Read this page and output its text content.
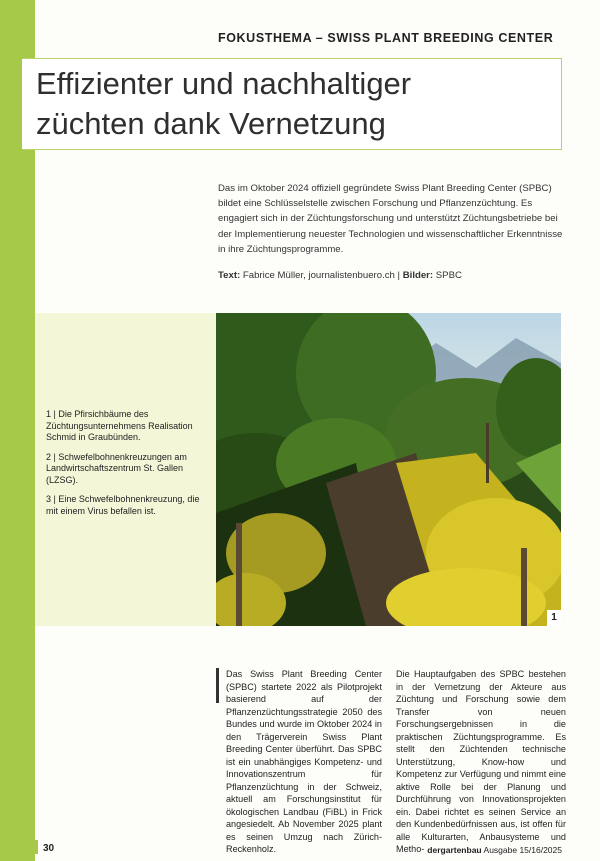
FOKUSTHEMA – SWISS PLANT BREEDING CENTER
Effizienter und nachhaltiger
züchten dank Vernetzung

Das im Oktober 2024 offiziell gegründete Swiss Plant Breeding Center (SPBC) bildet eine Schlüsselstelle zwischen Forschung und Pflanzenzüchtung. Es engagiert sich in der Züchtungsforschung und unterstützt Züchtungsbetriebe bei der Implementierung neuester Technologien und wissenschaftlicher Erkenntnisse in ihre Züchtungsprogramme.

Text: Fabrice Müller, journalistenbuero.ch | Bilder: SPBC

1

1 | Die Pfirsichbäume des Züchtungsunternehmens Realisation Schmid in Graubünden.

2 | Schwefelbohnenkreuzungen am Landwirtschaftszentrum St. Gallen (LZSG).

3 | Eine Schwefelbohnenkreuzung, die mit einem Virus befallen ist.

Das Swiss Plant Breeding Center (SPBC) startete 2022 als Pilotprojekt basierend auf der Pflanzenzüchtungsstrategie 2050 des Bundes und wurde im Oktober 2024 in den Trägerverein Swiss Plant Breeding Center überführt. Das SPBC ist ein unabhängiges Kompetenz- und Innovationszentrum für Pflanzenzüchtung in der Schweiz, aktuell am Forschungsinstitut für ökologischen Landbau (FiBL) in Frick angesiedelt. Ab November 2025 plant es seinen Umzug nach Zürich-Reckenholz.

Die Hauptaufgaben des SPBC bestehen in der Vernetzung der Akteure aus Züchtung und Forschung sowie dem Transfer von neuen Forschungsergebnissen in die praktischen Züchtungsprogramme. Es stellt den Züchtenden technische Unterstützung, Know-how und Kompetenz zur Verfügung und nimmt eine aktive Rolle bei der Planung und Durchführung von Innovationsprojekten ein. Dabei richtet es seinen Service an den Kundenbedürfnissen aus, ist offen für alle Kulturarten, Anbausysteme und Metho-

30	dergartenbau Ausgabe 15/16/2025
